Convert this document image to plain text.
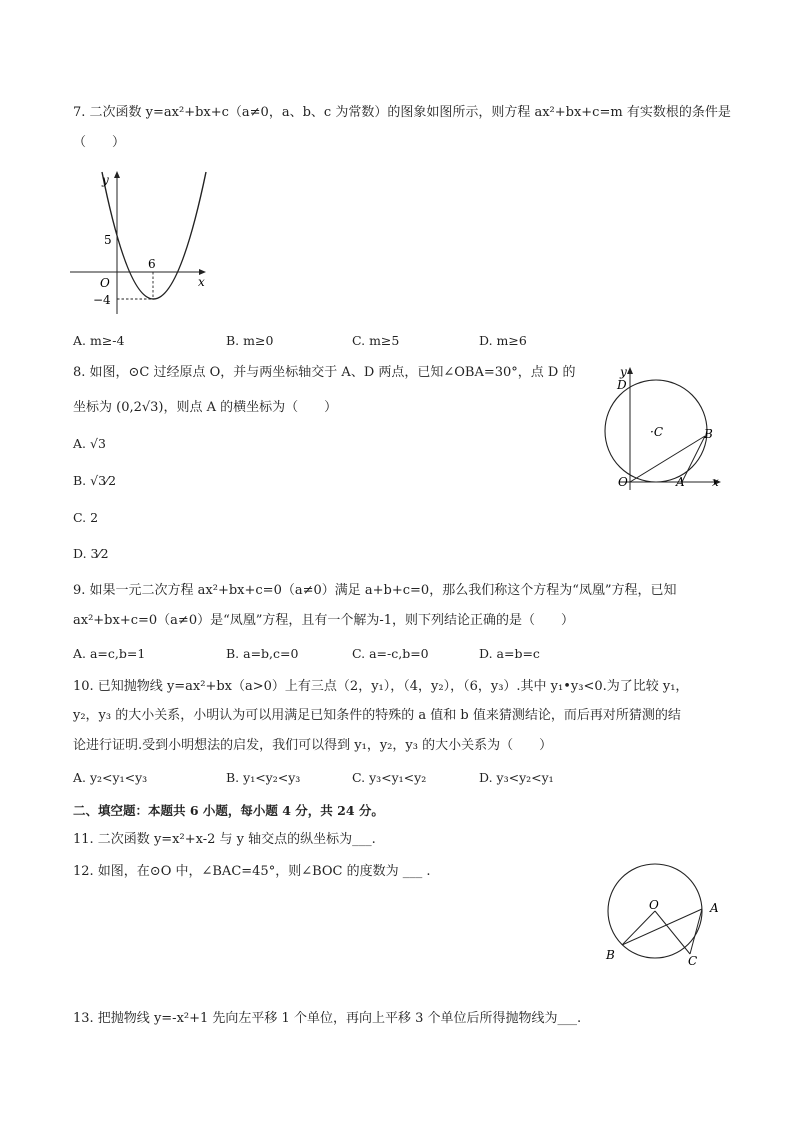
7. 二次函数 y=ax²+bx+c（a≠0，a、b、c 为常数）的图象如图所示，则方程 ax²+bx+c=m 有实数根的条件是
（　　）
y
x
O
5
6
−4
A. m≥-4	B. m≥0	C. m≥5	D. m≥6
8. 如图，⊙C 过经原点 O，并与两坐标轴交于 A、D 两点，已知∠OBA=30°，点 D 的
坐标为 (0,2√3)，则点 A 的横坐标为（　　）
A. √3
B. √3⁄2
C. 2
D. 3⁄2
y
D
·C	B
O	A x
9. 如果一元二次方程 ax²+bx+c=0（a≠0）满足 a+b+c=0，那么我们称这个方程为“凤凰”方程，已知
ax²+bx+c=0（a≠0）是“凤凰”方程，且有一个解为-1，则下列结论正确的是（　　）
A. a=c,b=1	B. a=b,c=0	C. a=-c,b=0	D. a=b=c
10. 已知抛物线 y=ax²+bx（a>0）上有三点（2，y₁），（4，y₂），（6，y₃）.其中 y₁•y₃<0.为了比较 y₁，
y₂，y₃ 的大小关系，小明认为可以用满足已知条件的特殊的 a 值和 b 值来猜测结论，而后再对所猜测的结
论进行证明.受到小明想法的启发，我们可以得到 y₁，y₂，y₃ 的大小关系为（　　）
A. y₂<y₁<y₃	B. y₁<y₂<y₃	C. y₃<y₁<y₂	D. y₃<y₂<y₁
二、填空题：本题共 6 小题，每小题 4 分，共 24 分。
11. 二次函数 y=x²+x-2 与 y 轴交点的纵坐标为___.
12. 如图，在⊙O 中，∠BAC=45°，则∠BOC 的度数为 ___ .
O	A
B	C
13. 把抛物线 y=-x²+1 先向左平移 1 个单位，再向上平移 3 个单位后所得抛物线为___.
